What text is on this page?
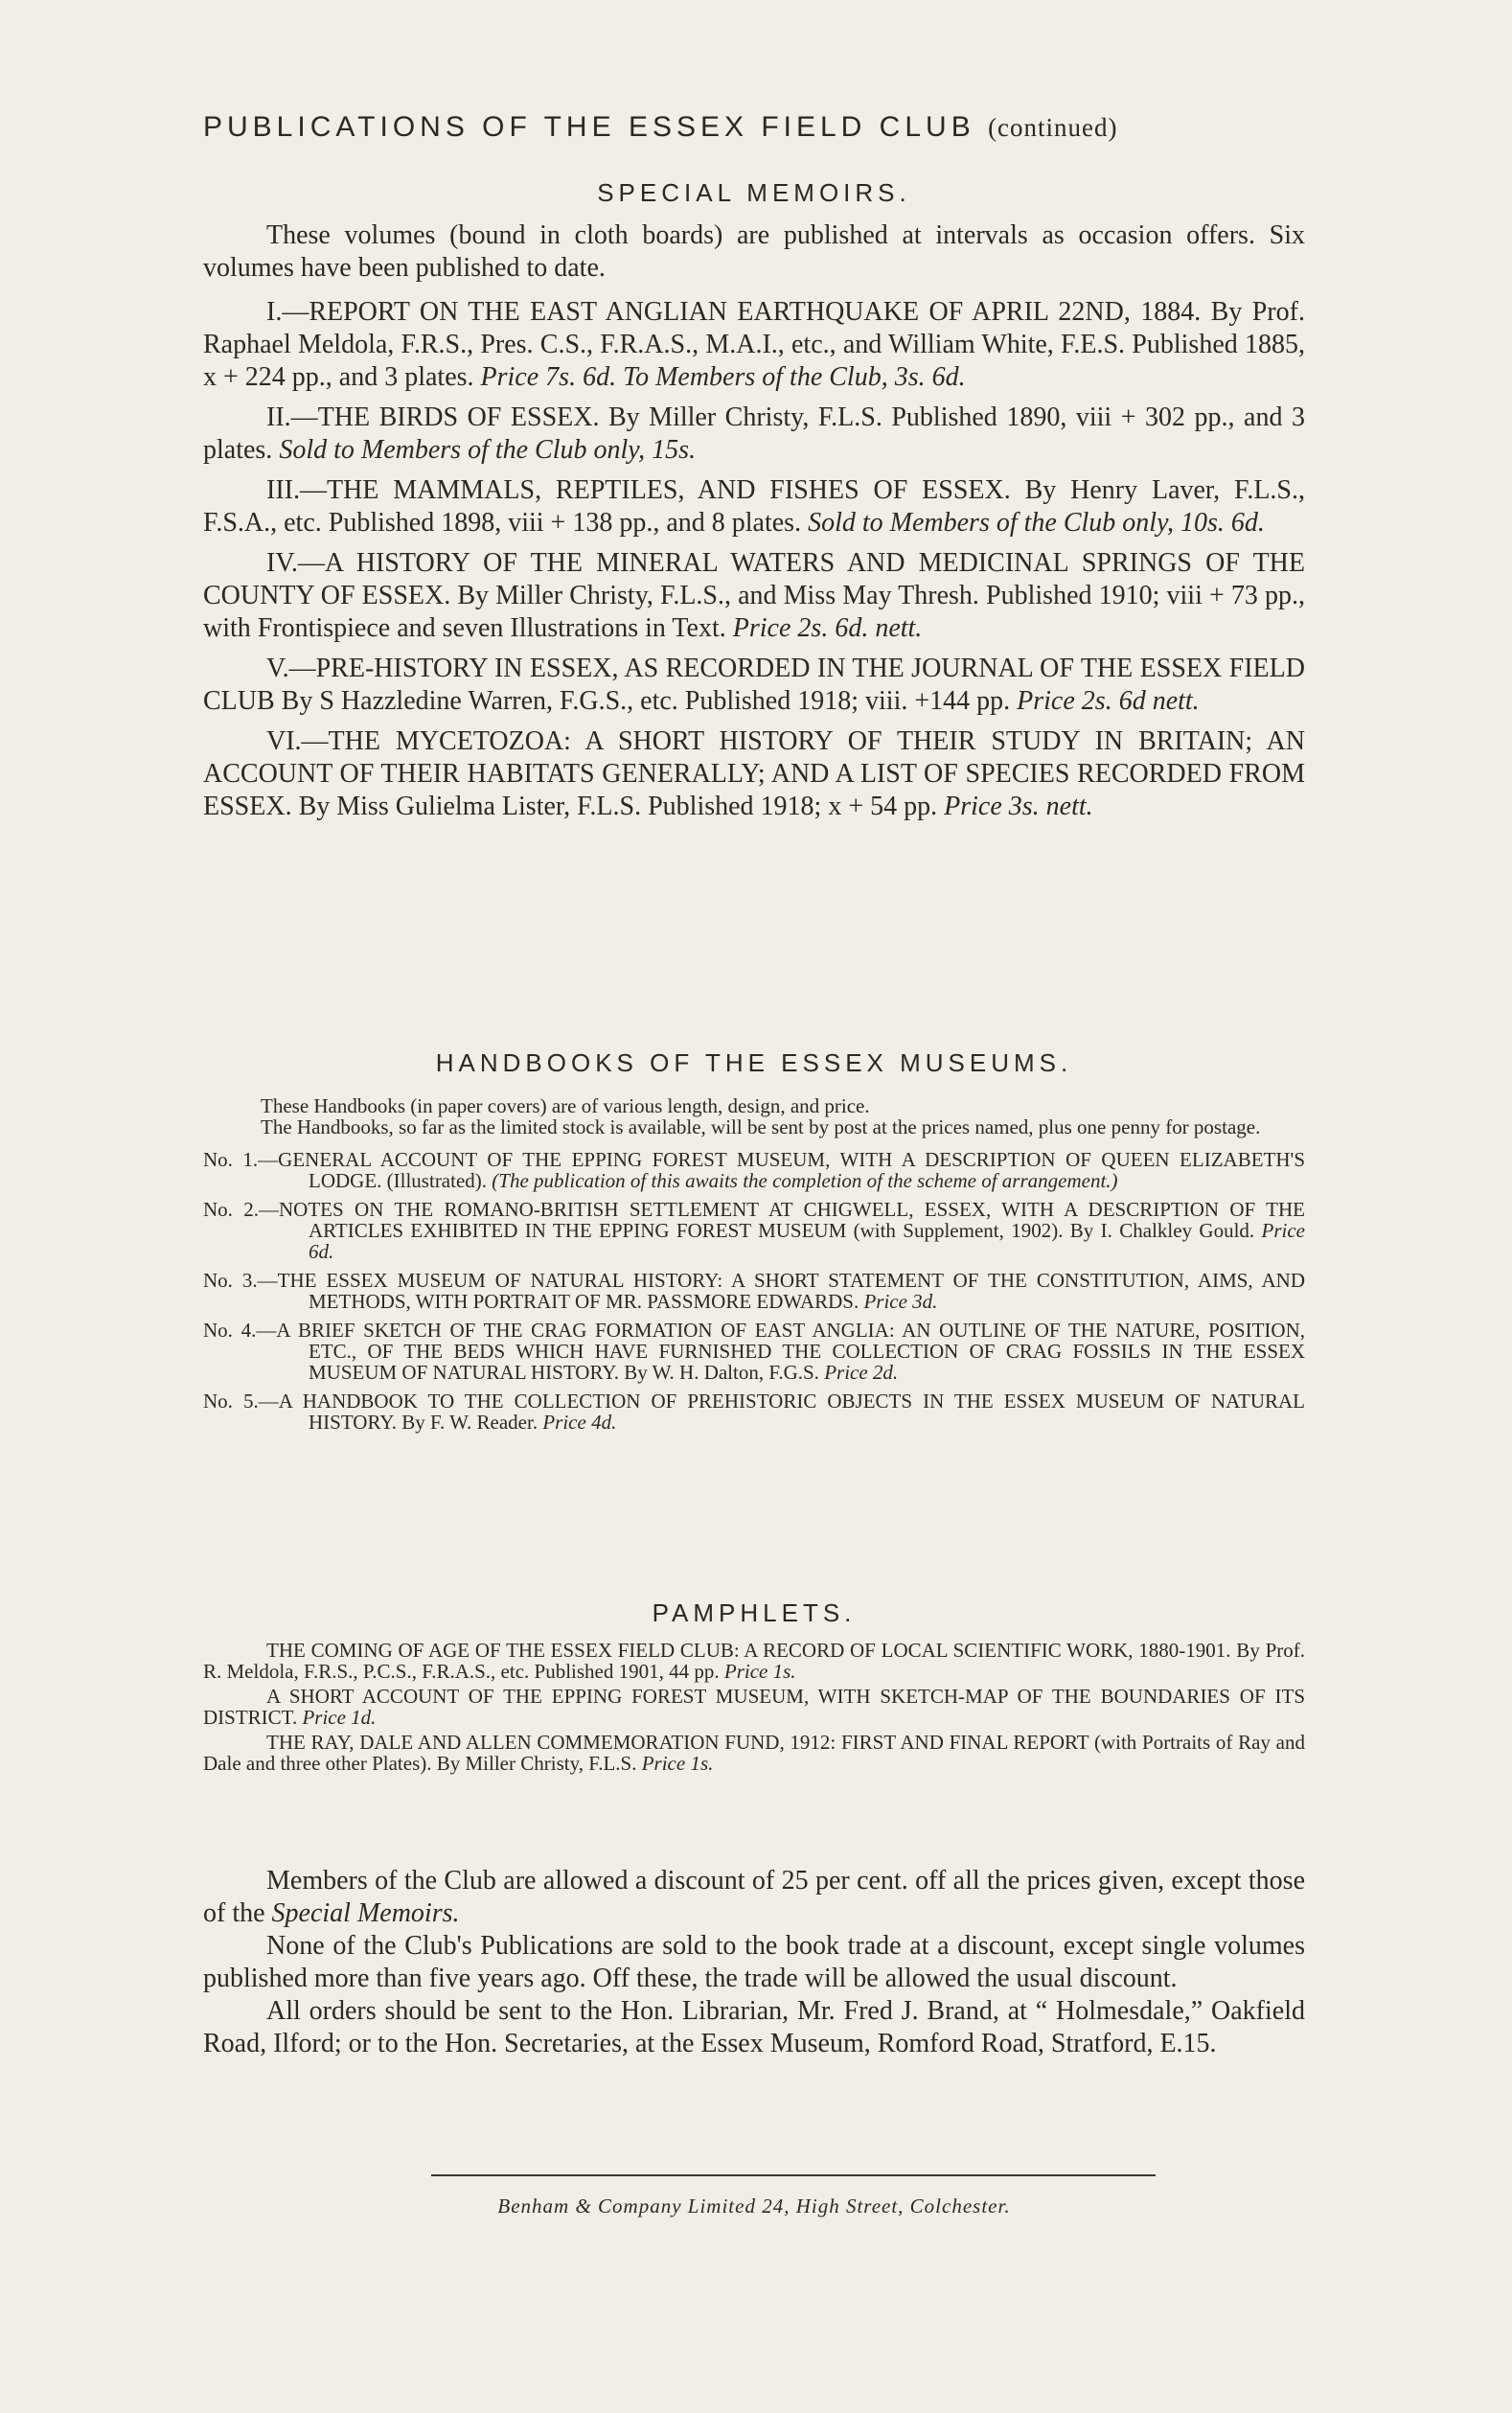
PUBLICATIONS OF THE ESSEX FIELD CLUB (continued)
SPECIAL MEMOIRS.

These volumes (bound in cloth boards) are published at intervals as occasion offers. Six volumes have been published to date.

I.—REPORT ON THE EAST ANGLIAN EARTHQUAKE OF APRIL 22ND, 1884. By Prof. Raphael Meldola, F.R.S., Pres. C.S., F.R.A.S., M.A.I., etc., and William White, F.E.S. Published 1885, x + 224 pp., and 3 plates. Price 7s. 6d. To Members of the Club, 3s. 6d.

II.—THE BIRDS OF ESSEX. By Miller Christy, F.L.S. Published 1890, viii + 302 pp., and 3 plates. Sold to Members of the Club only, 15s.

III.—THE MAMMALS, REPTILES, AND FISHES OF ESSEX. By Henry Laver, F.L.S., F.S.A., etc. Published 1898, viii + 138 pp., and 8 plates. Sold to Members of the Club only, 10s. 6d.

IV.—A HISTORY OF THE MINERAL WATERS AND MEDICINAL SPRINGS OF THE COUNTY OF ESSEX. By Miller Christy, F.L.S., and Miss May Thresh. Published 1910; viii + 73 pp., with Frontispiece and seven Illustrations in Text. Price 2s. 6d. nett.

V.—PRE-HISTORY IN ESSEX, AS RECORDED IN THE JOURNAL OF THE ESSEX FIELD CLUB By S Hazzledine Warren, F.G.S., etc. Published 1918; viii. +144 pp. Price 2s. 6d nett.

VI.—THE MYCETOZOA: A SHORT HISTORY OF THEIR STUDY IN BRITAIN; AN ACCOUNT OF THEIR HABITATS GENERALLY; AND A LIST OF SPECIES RECORDED FROM ESSEX. By Miss Gulielma Lister, F.L.S. Published 1918; x + 54 pp. Price 3s. nett.

HANDBOOKS OF THE ESSEX MUSEUMS.

These Handbooks (in paper covers) are of various length, design, and price.

The Handbooks, so far as the limited stock is available, will be sent by post at the prices named, plus one penny for postage.

No. 1.—GENERAL ACCOUNT OF THE EPPING FOREST MUSEUM, WITH A DESCRIPTION OF QUEEN ELIZABETH'S LODGE. (Illustrated). (The publication of this awaits the completion of the scheme of arrangement.)

No. 2.—NOTES ON THE ROMANO-BRITISH SETTLEMENT AT CHIGWELL, ESSEX, WITH A DESCRIPTION OF THE ARTICLES EXHIBITED IN THE EPPING FOREST MUSEUM (with Supplement, 1902). By I. Chalkley Gould. Price 6d.

No. 3.—THE ESSEX MUSEUM OF NATURAL HISTORY: A SHORT STATEMENT OF THE CONSTITUTION, AIMS, AND METHODS, WITH PORTRAIT OF MR. PASSMORE EDWARDS. Price 3d.

No. 4.—A BRIEF SKETCH OF THE CRAG FORMATION OF EAST ANGLIA: AN OUTLINE OF THE NATURE, POSITION, ETC., OF THE BEDS WHICH HAVE FURNISHED THE COLLECTION OF CRAG FOSSILS IN THE ESSEX MUSEUM OF NATURAL HISTORY. By W. H. Dalton, F.G.S. Price 2d.

No. 5.—A HANDBOOK TO THE COLLECTION OF PREHISTORIC OBJECTS IN THE ESSEX MUSEUM OF NATURAL HISTORY. By F. W. Reader. Price 4d.

PAMPHLETS.

THE COMING OF AGE OF THE ESSEX FIELD CLUB: A RECORD OF LOCAL SCIENTIFIC WORK, 1880-1901. By Prof. R. Meldola, F.R.S., P.C.S., F.R.A.S., etc. Published 1901, 44 pp. Price 1s.

A SHORT ACCOUNT OF THE EPPING FOREST MUSEUM, WITH SKETCH-MAP OF THE BOUNDARIES OF ITS DISTRICT. Price 1d.

THE RAY, DALE AND ALLEN COMMEMORATION FUND, 1912: FIRST AND FINAL REPORT (with Portraits of Ray and Dale and three other Plates). By Miller Christy, F.L.S. Price 1s.

Members of the Club are allowed a discount of 25 per cent. off all the prices given, except those of the Special Memoirs.

None of the Club's Publications are sold to the book trade at a discount, except single volumes published more than five years ago. Off these, the trade will be allowed the usual discount.

All orders should be sent to the Hon. Librarian, Mr. Fred J. Brand, at “ Holmesdale,” Oakfield Road, Ilford; or to the Hon. Secretaries, at the Essex Museum, Romford Road, Stratford, E.15.

Benham & Company Limited 24, High Street, Colchester.
